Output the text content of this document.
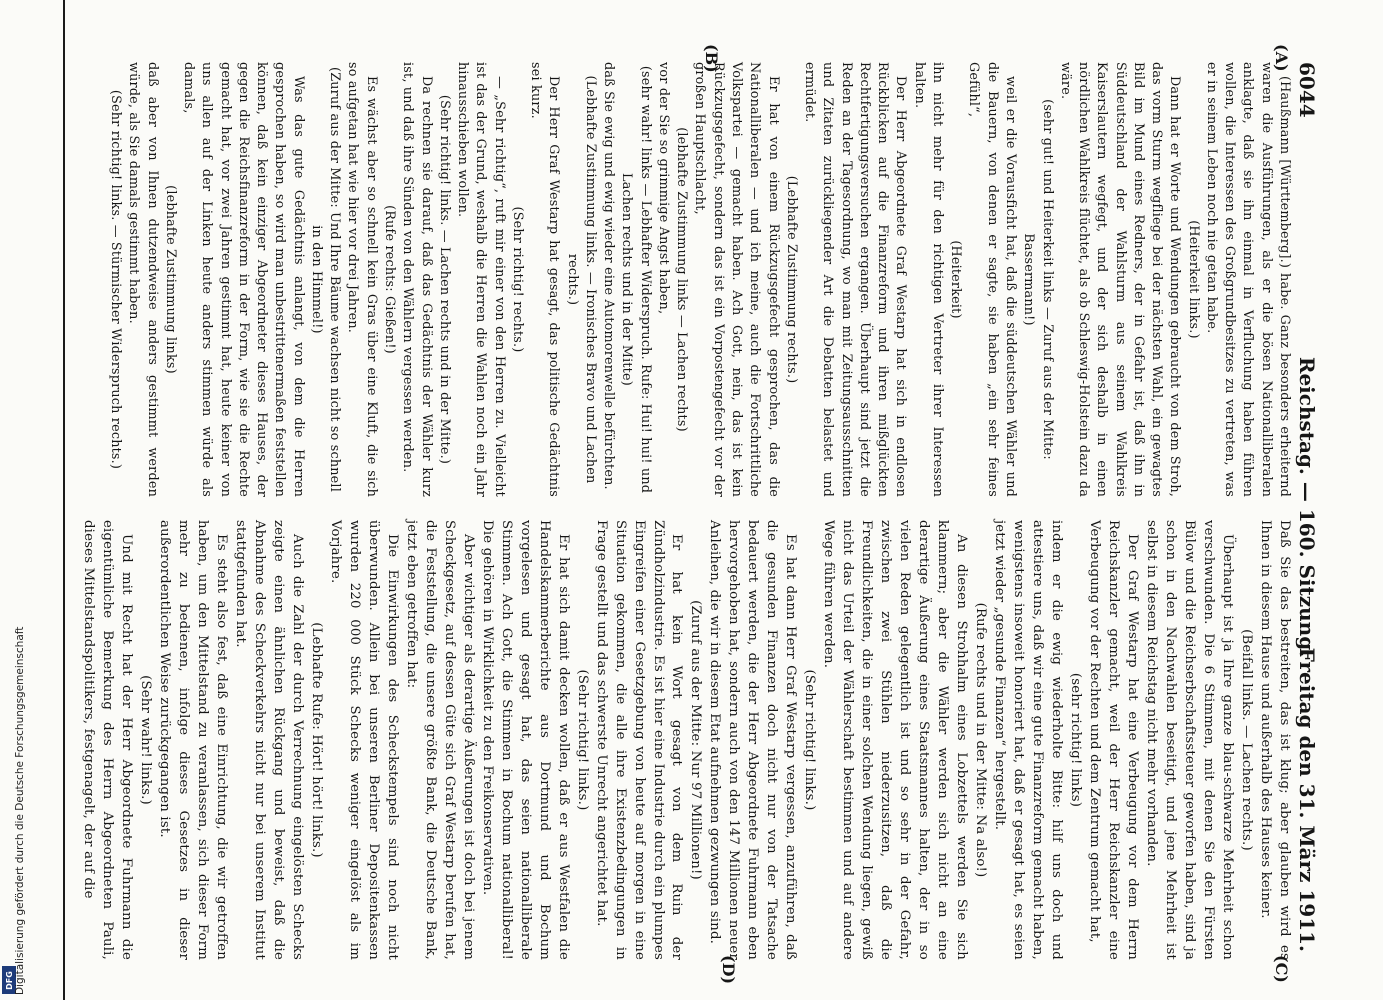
6044
Reichstag. — 160. Sitzung.
Freitag den 31. März 1911.
(A)
(B)
(C)
(D)

(Haußmann [Württemberg].) habe. Ganz besonders erheiternd waren die Ausführungen, als er die bösen Nationalliberalen anklagte, daß sie ihn einmal in Verfluchung haben führen wollen, die Interessen des Großgrundbesitzes zu vertreten, was er in seinem Leben noch nie getan habe.

(Heiterkeit links.)

Dann hat er Worte und Wendungen gebraucht von dem Stroh, das vorm Sturm wegfliege bei der nächsten Wahl, ein gewagtes Bild im Mund eines Redners, der in Gefahr ist, daß ihn in Süddeutschland der Wahlsturm aus seinem Wahlkreis Kaiserslautern wegfegt, und der sich deshalb in einen nördlichen Wahlkreis flüchtet, als ob Schleswig-Holstein dazu da wäre.

(sehr gut! und Heiterkeit links — Zuruf aus der Mitte: Bassermann!)

weil er die Vorausficht hat, daß die süddeutschen Wähler und die Bauern, von denen er sagte, sie haben „ein sehr feines Gefühl“,

(Heiterkeit)

ihn nicht mehr für den richtigen Vertreter ihrer Interessen halten.

Der Herr Abgeordnete Graf Westarp hat sich in endlosen Rückblicken auf die Finanzreform und ihren mißglückten Rechtfertigungsversuchen ergangen. Überhaupt sind jetzt die Reden an der Tagesordnung, wo man mit Zeitungsausschnitten und Zitaten zurückliegender Art die Debatten belastet und ermüdet.

(Lebhafte Zustimmung rechts.)

Er hat von einem Rückzugsgefecht gesprochen, das die Nationalliberalen — und ich meine, auch die Fortschrittliche Volkspartei — gemacht haben. Ach Gott, nein, das ist kein Rückzugsgefecht, sondern das ist ein Vorpostengefecht vor der großen Hauptschlacht,

(lebhafte Zustimmung links — Lachen rechts)

vor der Sie so grimmige Angst haben,

(sehr wahr! links — Lebhafter Widerspruch. Rufe: Hui! hui! und Lachen rechts und in der Mitte)

daß Sie ewig und ewig wieder eine Automorenwelle befürchten.

(Lebhafte Zustimmung links. — Ironisches Bravo und Lachen rechts.)

Der Herr Graf Westarp hat gesagt, das politische Gedächtnis sei kurz.

(Sehr richtig! rechts.)

— „Sehr richtig“, ruft mir einer von den Herren zu. Vielleicht ist das der Grund, weshalb die Herren die Wahlen noch ein Jahr hinausschieben wollen.

(Sehr richtig! links. — Lachen rechts und in der Mitte.)

Da rechnen sie darauf, daß das Gedächtnis der Wähler kurz ist, und daß ihre Sünden von den Wählern vergessen werden.

(Rufe rechts: Gießen!)

Es wächst aber so schnell kein Gras über eine Kluft, die sich so aufgetan hat wie hier vor drei Jahren.

(Zuruf aus der Mitte: Und Ihre Bäume wachsen nicht so schnell in den Himmel!)

Was das gute Gedächtnis anlangt, von dem die Herren gesprochen haben, so wird man unbestrittenermaßen feststellen können, daß kein einziger Abgeordneter dieses Hauses, der gegen die Reichsfinanzreform in der Form, wie sie die Rechte gemacht hat, vor zwei Jahren gestimmt hat, heute keiner von uns allen auf der Linken heute anders stimmen würde als damals,

(lebhafte Zustimmung links)

daß aber von Ihnen dutzendweise anders gestimmt werden würde, als Sie damals gestimmt haben.

(Sehr richtig! links. — Stürmischer Widerspruch rechts.)

Daß Sie das bestreiten, das ist klug; aber glauben wird es Ihnen in diesem Hause und außerhalb des Hauses keiner.

(Beifall links. — Lachen rechts.)

Überhaupt ist ja Ihre ganze blau-schwarze Mehrheit schon verschwunden. Die 6 Stimmen, mit denen Sie den Fürsten Bülow und die Reichserbschaftssteuer geworfen haben, sind ja schon in den Nachwahlen beseitigt, und jene Mehrheit ist selbst in diesem Reichstag nicht mehr vorhanden.

Der Graf Westarp hat eine Verbeugung vor dem Herrn Reichskanzler gemacht, weil der Herr Reichskanzler eine Verbeugung vor der Rechten und dem Zentrum gemacht hat,

(sehr richtig! links)

indem er die ewig wiederholte Bitte: hilf uns doch und attestiere uns, daß wir eine gute Finanzreform gemacht haben, wenigstens insoweit honoriert hat, daß er gesagt hat, es seien jetzt wieder „gesunde Finanzen“ hergestellt.

(Rufe rechts und in der Mitte: Na also!)

An diesen Strohhalm eines Lobzettels werden Sie sich klammern; aber die Wähler werden sich nicht an eine derartige Äußerung eines Staatsmannes halten, der in so vielen Reden gelegentlich ist und so sehr in der Gefahr, zwischen zwei Stühlen niederzusitzen, daß die Freundlichkeiten, die in einer solchen Wendung liegen, gewiß nicht das Urteil der Wählerschaft bestimmen und auf andere Wege führen werden.

(Sehr richtig! links.)

Es hat dann Herr Graf Westarp vergessen, anzuführen, daß die gesunden Finanzen doch nicht nur von der Tatsache bedauert werden, die der Herr Abgeordnete Fuhrmann eben hervorgehoben hat, sondern auch von den 147 Millionen neuer Anleihen, die wir in diesem Etat aufnehmen gezwungen sind.

(Zuruf aus der Mitte: Nur 97 Millionen!)

Er hat kein Wort gesagt von dem Ruin der Zündholzindustrie. Es ist hier eine Industrie durch ein plumpes Eingreifen einer Gesetzgebung von heute auf morgen in eine Situation gekommen, die alle ihre Existenzbedingungen in Frage gestellt und das schwerste Unrecht angerichtet hat.

(Sehr richtig! links.)

Er hat sich damit decken wollen, daß er aus Westfalen die Handelskammerberichte aus Dortmund und Bochum vorgelesen und gesagt hat, das seien nationalliberale Stimmen. Ach Gott, die Stimmen in Bochum nationalliberal! Die gehören in Wirklichkeit zu den Freikonservativen.

Aber wichtiger als derartige Äußerungen ist doch bei jenem Scheckgesetz, auf dessen Güte sich Graf Westarp berufen hat, die Feststellung, die unsere größte Bank, die Deutsche Bank, jetzt eben getroffen hat:

Die Einwirkungen des Scheckstempels sind noch nicht überwunden. Allein bei unseren Berliner Depositenkassen wurden 220 000 Stück Schecks weniger eingelöst als im Vorjahre.

(Lebhafte Rufe: Hört! hört! links.)

Auch die Zahl der durch Verrechnung eingelösten Schecks zeigte einen ähnlichen Rückgang und beweist, daß die Abnahme des Scheckverkehrs nicht nur bei unserem Institut stattgefunden hat.

Es steht also fest, daß eine Einrichtung, die wir getroffen haben, um den Mittelstand zu veranlassen, sich dieser Form mehr zu bedienen, infolge dieses Gesetzes in dieser außerordentlichen Weise zurückgegangen ist.

(Sehr wahr! links.)

Und mit Recht hat der Herr Abgeordnete Fuhrmann die eigentümliche Bemerkung des Herrn Abgeordneten Pauli, dieses Mittelstandspolitikers, festgenagelt, der auf die

DFG Digitalisierung gefördert durch die Deutsche Forschungsgemeinschaft
